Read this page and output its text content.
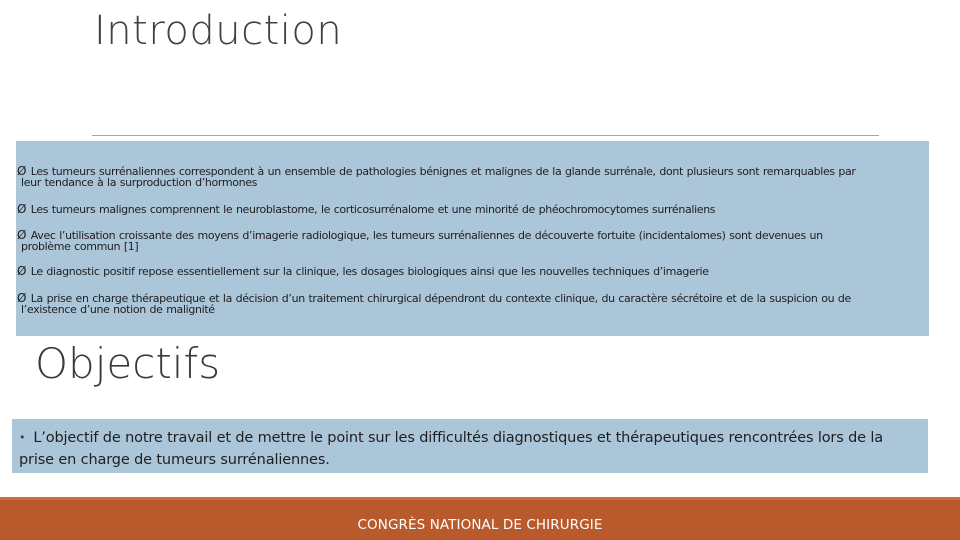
Introduction
Ø Les tumeurs surrénaliennes correspondent à un ensemble de pathologies bénignes et malignes de la glande surrénale, dont plusieurs sont remarquables par
leur tendance à la surproduction d’hormones
Ø Les tumeurs malignes comprennent le neuroblastome, le corticosurrénalome et une minorité de phéochromocytomes surrénaliens
Ø Avec l’utilisation croissante des moyens d’imagerie radiologique, les tumeurs surrénaliennes de découverte fortuite (incidentalomes) sont devenues un
problème commun [1]
Ø Le diagnostic positif repose essentiellement sur la clinique, les dosages biologiques ainsi que les nouvelles techniques d’imagerie
Ø La prise en charge thérapeutique et la décision d’un traitement chirurgical dépendront du contexte clinique, du caractère sécrétoire et de la suspicion ou de
l’existence d’une notion de malignité
Objectifs
• L’objectif de notre travail et de mettre le point sur les difficultés diagnostiques et thérapeutiques rencontrées lors de la
prise en charge de tumeurs surrénaliennes.
CONGRÈS NATIONAL DE CHIRURGIE
